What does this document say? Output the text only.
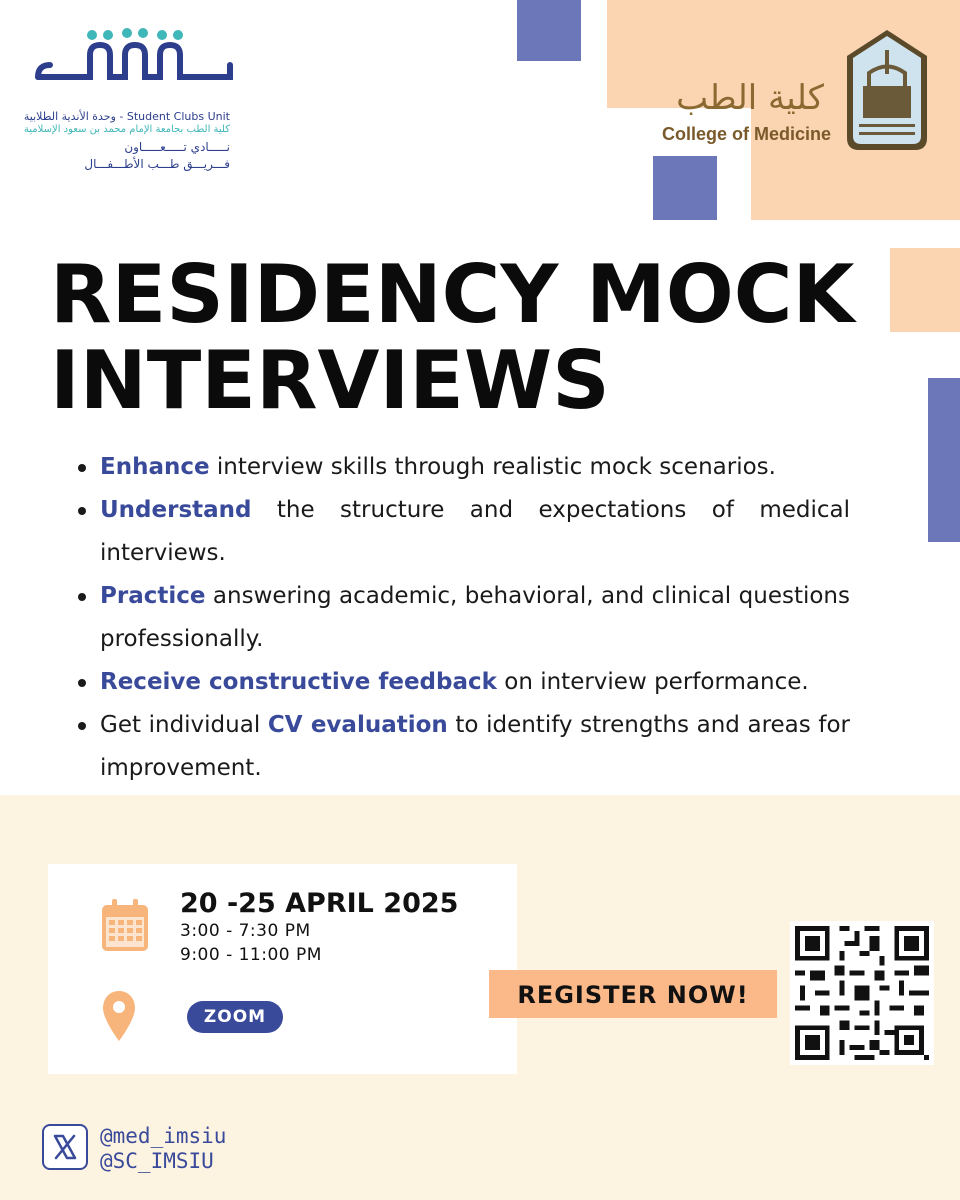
وحدة الأندية الطلابية - Student Clubs Unit
كلية الطب بجامعة الإمام محمد بن سعود الإسلامية
نـــــادي تـــــعـــــاون
فـــريـــق طـــب الأطـــفـــال
كلية الطب
College of Medicine
RESIDENCY MOCK
INTERVIEWS
Enhance interview skills through realistic mock scenarios.
Understand the structure and expectations of medical interviews.
Practice answering academic, behavioral, and clinical questions professionally.
Receive constructive feedback on interview performance.
Get individual CV evaluation to identify strengths and areas for improvement.
20 -25 APRIL 2025
3:00 - 7:30 PM
9:00 - 11:00 PM
ZOOM
REGISTER NOW!
@med_imsiu
@SC_IMSIU
